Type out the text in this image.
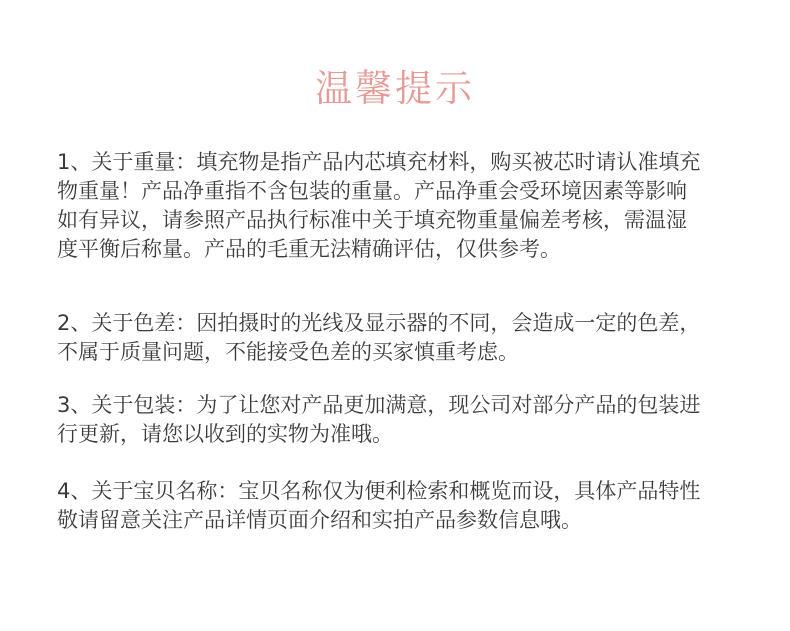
温馨提示
1、关于重量：填充物是指产品内芯填充材料，购买被芯时请认准填充
物重量！产品净重指不含包装的重量。产品净重会受环境因素等影响
如有异议，请参照产品执行标准中关于填充物重量偏差考核，需温湿
度平衡后称量。产品的毛重无法精确评估，仅供参考。
2、关于色差：因拍摄时的光线及显示器的不同，会造成一定的色差，
不属于质量问题，不能接受色差的买家慎重考虑。
3、关于包装：为了让您对产品更加满意，现公司对部分产品的包装进
行更新，请您以收到的实物为准哦。
4、关于宝贝名称：宝贝名称仅为便利检索和概览而设，具体产品特性
敬请留意关注产品详情页面介绍和实拍产品参数信息哦。
